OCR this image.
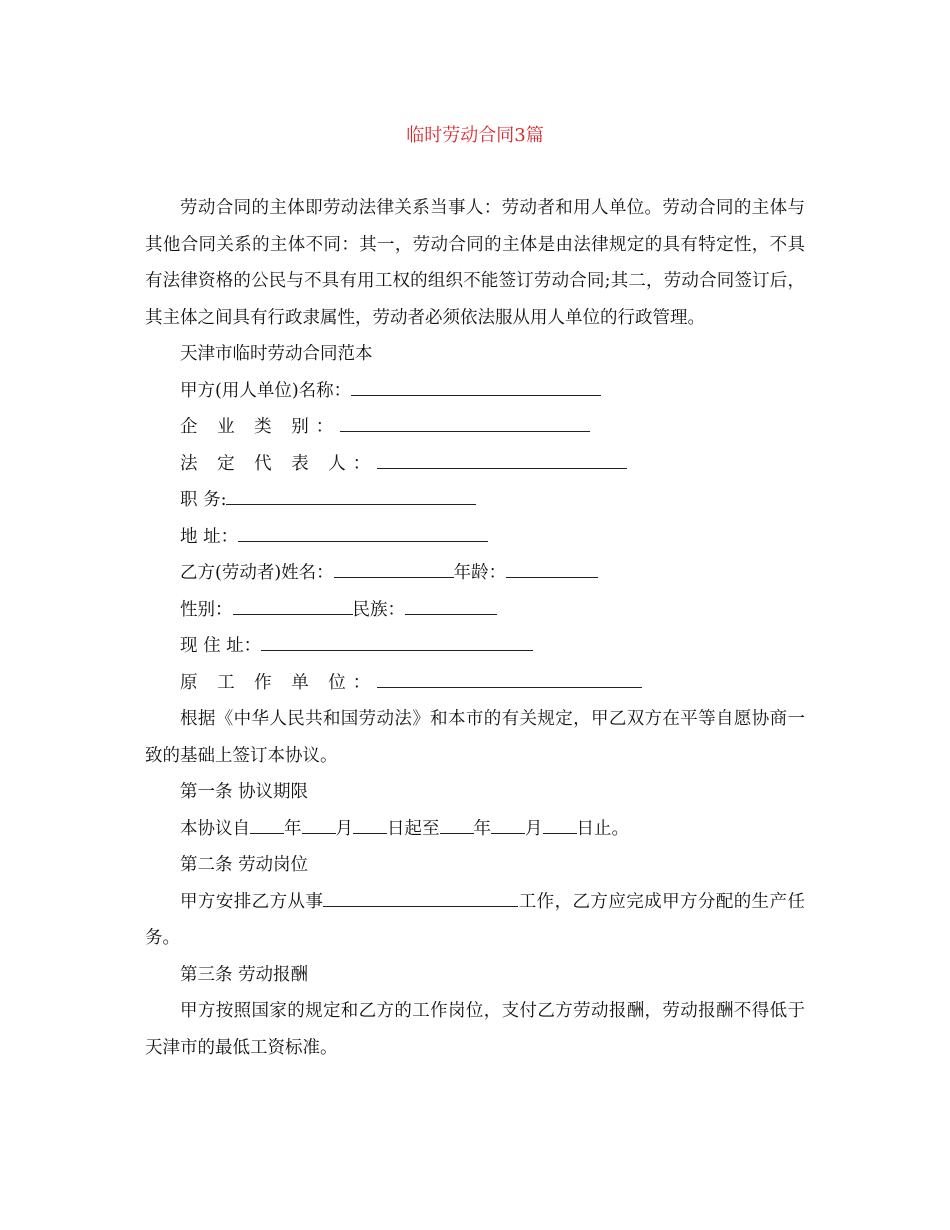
临时劳动合同3篇

劳动合同的主体即劳动法律关系当事人：劳动者和用人单位。劳动合同的主体与其他合同关系的主体不同：其一，劳动合同的主体是由法律规定的具有特定性，不具有法律资格的公民与不具有用工权的组织不能签订劳动合同;其二，劳动合同签订后，其主体之间具有行政隶属性，劳动者必须依法服从用人单位的行政管理。

天津市临时劳动合同范本

甲方(用人单位)名称：
企 业 类 别：
法 定 代 表 人：
职 务:
地 址：
乙方(劳动者)姓名：	年龄：
性别：	民族：
现 住 址：
原 工 作 单 位：

根据《中华人民共和国劳动法》和本市的有关规定，甲乙双方在平等自愿协商一致的基础上签订本协议。

第一条 协议期限

本协议自 年 月 日起至 年 月 日止。

第二条 劳动岗位

甲方安排乙方从事	工作，乙方应完成甲方分配的生产任务。

第三条 劳动报酬

甲方按照国家的规定和乙方的工作岗位，支付乙方劳动报酬，劳动报酬不得低于天津市的最低工资标准。
